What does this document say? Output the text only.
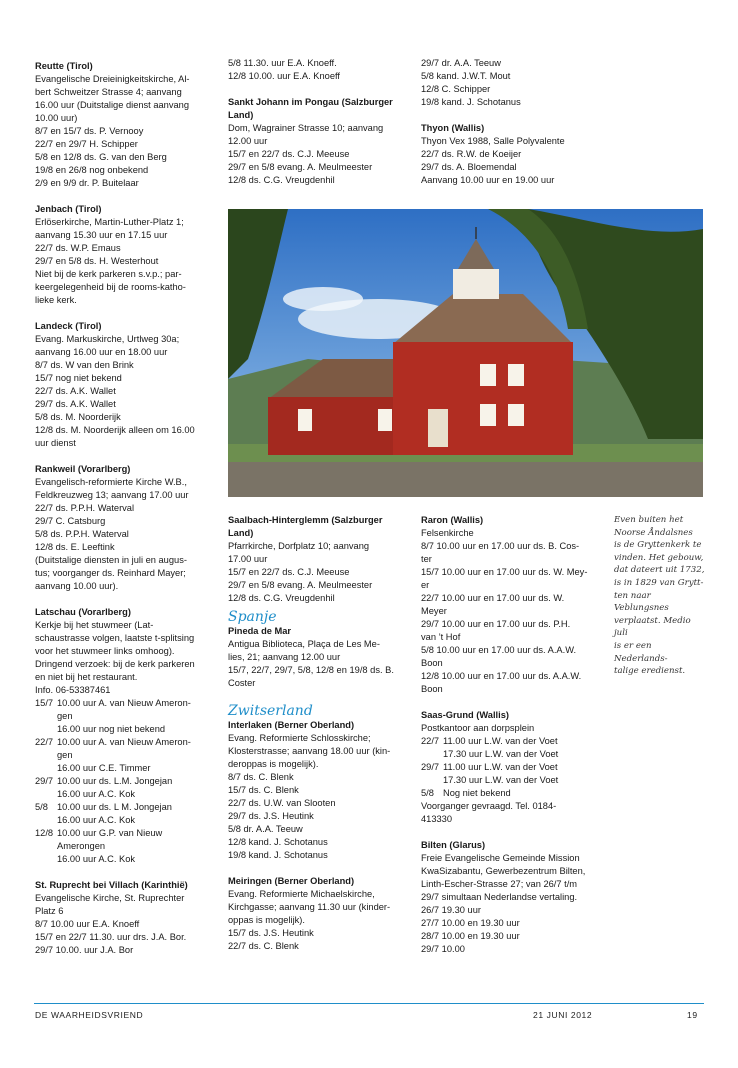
Reutte (Tirol)
Evangelische Dreieinigkeitskirche, Al-
bert Schweitzer Strasse 4; aanvang
16.00 uur (Duitstalige dienst aanvang
10.00 uur)
8/7 en 15/7 ds. P. Vernooy
22/7 en 29/7 H. Schipper
5/8 en 12/8 ds. G. van den Berg
19/8 en 26/8 nog onbekend
2/9 en 9/9 dr. P. Buitelaar
Jenbach (Tirol)
Erlöserkirche, Martin-Luther-Platz 1;
aanvang 15.30 uur en 17.15 uur
22/7 ds. W.P. Emaus
29/7 en 5/8 ds. H. Westerhout
Niet bij de kerk parkeren s.v.p.; par-
keergelegenheid bij de rooms-katho-
lieke kerk.
Landeck (Tirol)
Evang. Markuskirche, Urtlweg 30a;
aanvang 16.00 uur en 18.00 uur
8/7 ds. W van den Brink
15/7 nog niet bekend
22/7 ds. A.K. Wallet
29/7 ds. A.K. Wallet
5/8 ds. M. Noorderijk
12/8 ds. M. Noorderijk alleen om 16.00
uur dienst
Rankweil (Vorarlberg)
Evangelisch-reformierte Kirche W.B.,
Feldkreuzweg 13; aanvang 17.00 uur
22/7 ds. P.P.H. Waterval
29/7 C. Catsburg
5/8 ds. P.P.H. Waterval
12/8 ds. E. Leeftink
(Duitstalige diensten in juli en augus-
tus; voorganger ds. Reinhard Mayer;
aanvang 10.00 uur).
Latschau (Vorarlberg)
Kerkje bij het stuwmeer (Lat-
schaustrasse volgen, laatste t-splitsing
voor het stuwmeer links omhoog).
Dringend verzoek: bij de kerk parkeren
en niet bij het restaurant.
Info. 06-53387461
15/7 10.00 uur A. van Nieuw Ameron-
gen
16.00 uur nog niet bekend
22/7 10.00 uur A. van Nieuw Ameron-
gen
16.00 uur C.E. Timmer
29/7 10.00 uur ds. L.M. Jongejan
16.00 uur A.C. Kok
5/8 10.00 uur ds. L M. Jongejan
16.00 uur A.C. Kok
12/8 10.00 uur G.P. van Nieuw
Amerongen
16.00 uur A.C. Kok
St. Ruprecht bei Villach (Karinthië)
Evangelische Kirche, St. Ruprechter
Platz 6
8/7 10.00 uur E.A. Knoeff
15/7 en 22/7 11.30. uur drs. J.A. Bor.
29/7 10.00. uur J.A. Bor
5/8 11.30. uur E.A. Knoeff.
12/8 10.00. uur E.A. Knoeff
Sankt Johann im Pongau (Salzburger Land)
Dom, Wagrainer Strasse 10; aanvang
12.00 uur
15/7 en 22/7 ds. C.J. Meeuse
29/7 en 5/8 evang. A. Meulmeester
12/8 ds. C.G. Vreugdenhil
29/7 dr. A.A. Teeuw
5/8 kand. J.W.T. Mout
12/8 C. Schipper
19/8 kand. J. Schotanus
Thyon (Wallis)
Thyon Vex 1988, Salle Polyvalente
22/7 ds. R.W. de Koeijer
29/7 ds. A. Bloemendal
Aanvang 10.00 uur en 19.00 uur
Saalbach-Hinterglemm (Salzburger Land)
Pfarrkirche, Dorfplatz 10; aanvang
17.00 uur
15/7 en 22/7 ds. C.J. Meeuse
29/7 en 5/8 evang. A. Meulmeester
12/8 ds. C.G. Vreugdenhil
Spanje
Pineda de Mar
Antigua Biblioteca, Plaça de Les Me-
lies, 21; aanvang 12.00 uur
15/7, 22/7, 29/7, 5/8, 12/8 en 19/8 ds. B.
Coster
Zwitserland
Interlaken (Berner Oberland)
Evang. Reformierte Schlosskirche;
Klosterstrasse; aanvang 18.00 uur (kin-
deroppas is mogelijk).
8/7 ds. C. Blenk
15/7 ds. C. Blenk
22/7 ds. U.W. van Slooten
29/7 ds. J.S. Heutink
5/8 dr. A.A. Teeuw
12/8 kand. J. Schotanus
19/8 kand. J. Schotanus
Meiringen (Berner Oberland)
Evang. Reformierte Michaelskirche,
Kirchgasse; aanvang 11.30 uur (kinder-
oppas is mogelijk).
15/7 ds. J.S. Heutink
22/7 ds. C. Blenk
Raron (Wallis)
Felsenkirche
8/7 10.00 uur en 17.00 uur ds. B. Cos-
ter
15/7 10.00 uur en 17.00 uur ds. W. Mey-
er
22/7 10.00 uur en 17.00 uur ds. W.
Meyer
29/7 10.00 uur en 17.00 uur ds. P.H.
van ’t Hof
5/8 10.00 uur en 17.00 uur ds. A.A.W.
Boon
12/8 10.00 uur en 17.00 uur ds. A.A.W.
Boon
Saas-Grund (Wallis)
Postkantoor aan dorpsplein
22/7 11.00 uur L.W. van der Voet
17.30 uur L.W. van der Voet
29/7 11.00 uur L.W. van der Voet
17.30 uur L.W. van der Voet
5/8 Nog niet bekend
Voorganger gevraagd. Tel. 0184-
413330
Bilten (Glarus)
Freie Evangelische Gemeinde Mission
KwaSizabantu, Gewerbezentrum Bilten,
Linth-Escher-Strasse 27; van 26/7 t/m
29/7 simultaan Nederlandse vertaling.
26/7 19.30 uur
27/7 10.00 en 19.30 uur
28/7 10.00 en 19.30 uur
29/7 10.00
Even buiten het
Noorse Åndalsnes
is de Gryttenkerk te
vinden. Het gebouw,
dat dateert uit 1732,
is in 1829 van Grytt-
ten naar Veblungsnes
verplaatst. Medio juli
is er een Nederlands-
talige eredienst.
DE WAARHEIDSVRIEND	21 JUNI 2012	19
